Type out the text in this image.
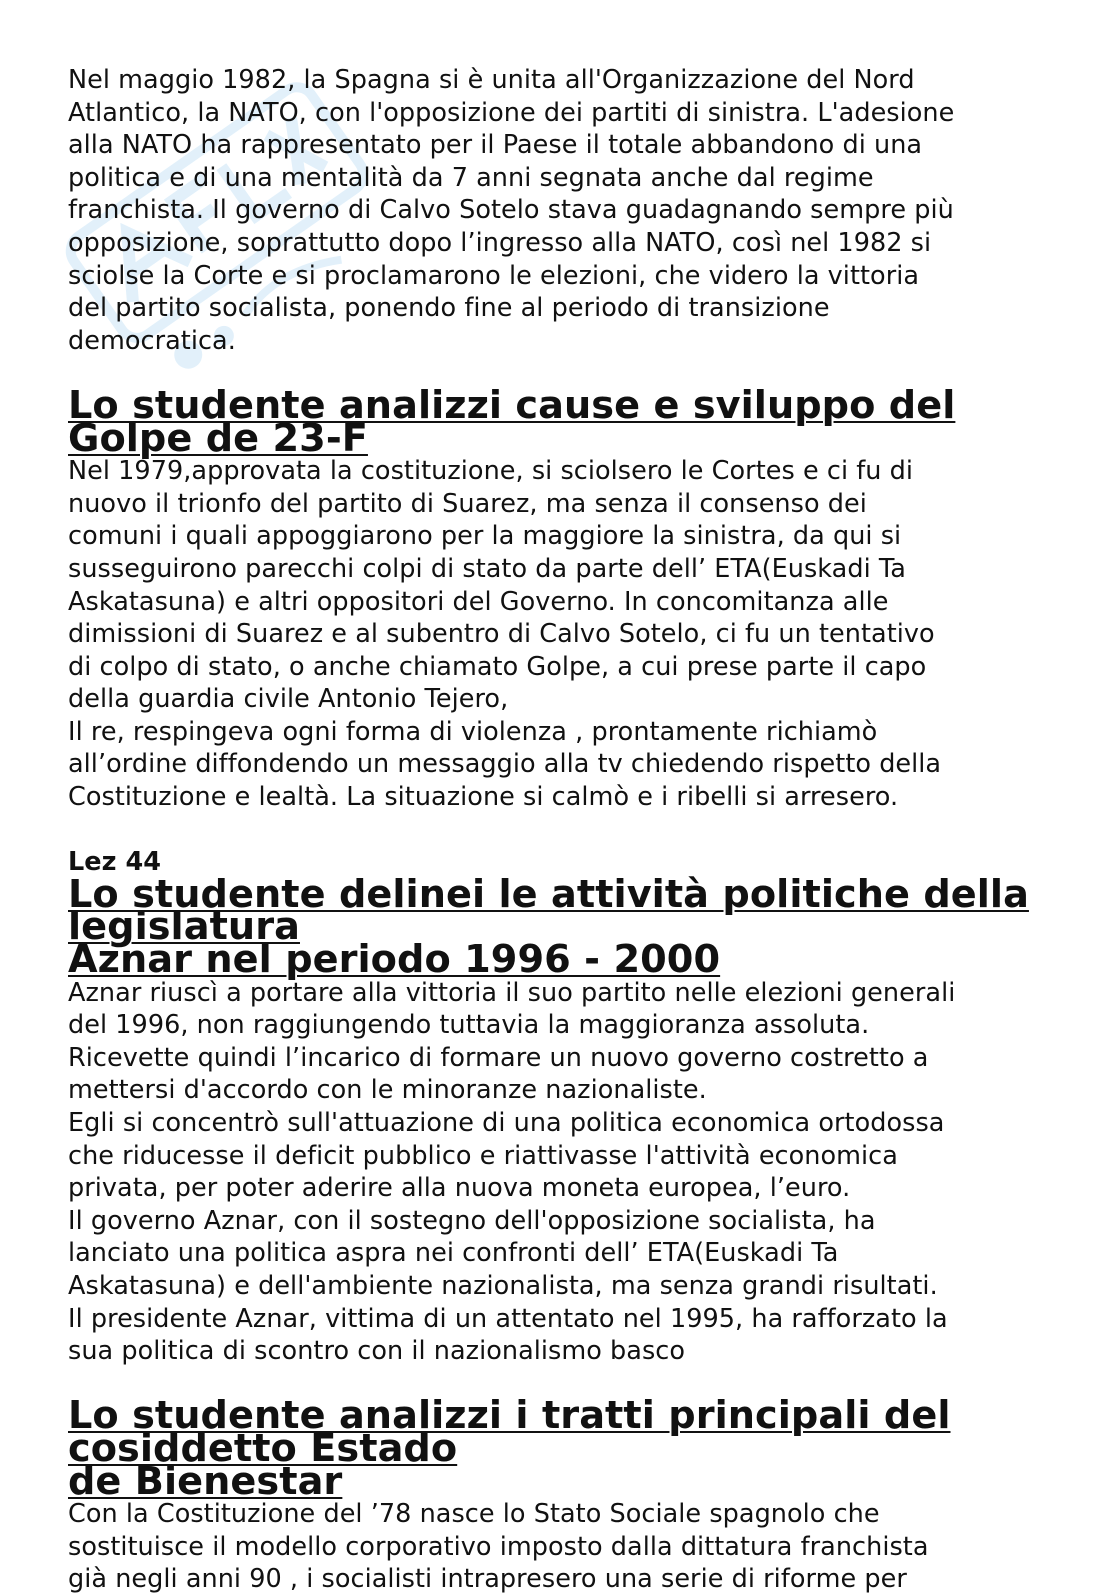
Nel maggio 1982, la Spagna si è unita all'Organizzazione del Nord
Atlantico, la NATO, con l'opposizione dei partiti di sinistra. L'adesione
alla NATO ha rappresentato per il Paese il totale abbandono di una
politica e di una mentalità da 7 anni segnata anche dal regime
franchista. Il governo di Calvo Sotelo stava guadagnando sempre più
opposizione, soprattutto dopo l’ingresso alla NATO, così nel 1982 si
sciolse la Corte e si proclamarono le elezioni, che videro la vittoria
del partito socialista, ponendo fine al periodo di transizione
democratica.

Lo studente analizzi cause e sviluppo del Golpe de 23-F

Nel 1979,approvata la costituzione, si sciolsero le Cortes e ci fu di
nuovo il trionfo del partito di Suarez, ma senza il consenso dei
comuni i quali appoggiarono per la maggiore la sinistra, da qui si
susseguirono parecchi colpi di stato da parte dell’ ETA(Euskadi Ta
Askatasuna) e altri oppositori del Governo. In concomitanza alle
dimissioni di Suarez e al subentro di Calvo Sotelo, ci fu un tentativo
di colpo di stato, o anche chiamato Golpe, a cui prese parte il capo
della guardia civile Antonio Tejero,

Il re, respingeva ogni forma di violenza , prontamente richiamò
all’ordine diffondendo un messaggio alla tv chiedendo rispetto della
Costituzione e lealtà. La situazione si calmò e i ribelli si arresero.

Lez 44

Lo studente delinei le attività politiche della legislatura
Aznar nel periodo 1996 - 2000

Aznar riuscì a portare alla vittoria il suo partito nelle elezioni generali
del 1996, non raggiungendo tuttavia la maggioranza assoluta.
Ricevette quindi l’incarico di formare un nuovo governo costretto a
mettersi d'accordo con le minoranze nazionaliste.

Egli si concentrò sull'attuazione di una politica economica ortodossa
che riducesse il deficit pubblico e riattivasse l'attività economica
privata, per poter aderire alla nuova moneta europea, l’euro.

Il governo Aznar, con il sostegno dell'opposizione socialista, ha
lanciato una politica aspra nei confronti dell’ ETA(Euskadi Ta
Askatasuna) e dell'ambiente nazionalista, ma senza grandi risultati.

Il presidente Aznar, vittima di un attentato nel 1995, ha rafforzato la
sua politica di scontro con il nazionalismo basco

Lo studente analizzi i tratti principali del cosiddetto Estado
de Bienestar

Con la Costituzione del ’78 nasce lo Stato Sociale spagnolo che
sostituisce il modello corporativo imposto dalla dittatura franchista
già negli anni 90 , i socialisti intrapresero una serie di riforme per
